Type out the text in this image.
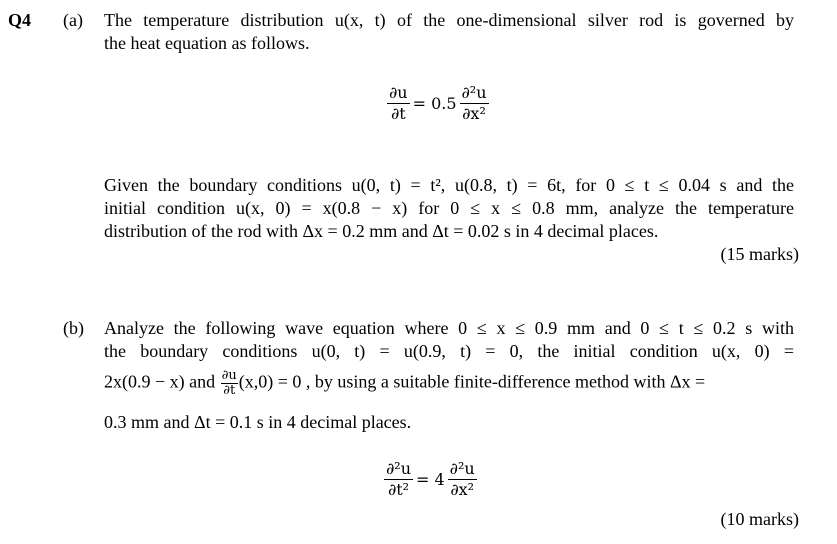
Q4 (a) The temperature distribution u(x, t) of the one-dimensional silver rod is governed by
the heat equation as follows.
$\frac{\partial u}{\partial t} = 0.5 \frac{\text{∂²u}}{\text{∂x²}}$
Given the boundary conditions u(0, t) = t², u(0.8, t) = 6t, for 0 ≤ t ≤ 0.04 s and the
initial condition u(x, 0) = x(0.8 − x) for 0 ≤ x ≤ 0.8 mm, analyze the temperature
distribution of the rod with Δx = 0.2 mm and Δt = 0.02 s in 4 decimal places.
(15 marks)
(b) Analyze the following wave equation where 0 ≤ x ≤ 0.9 mm and 0 ≤ t ≤ 0.2 s with
the boundary conditions u(0, t) = u(0.9, t) = 0, the initial condition u(x, 0) =
2x(0.9 − x) and $\frac{\partial u}{\partial t} (x,0) = 0$ , by using a suitable finite-difference method with Δx =
0.3 mm and Δt = 0.1 s in 4 decimal places.
$\frac{\text{∂²u}}{\text{∂t²}} = 4 \frac{\text{∂²u}}{\text{∂x²}}$
(10 marks)
